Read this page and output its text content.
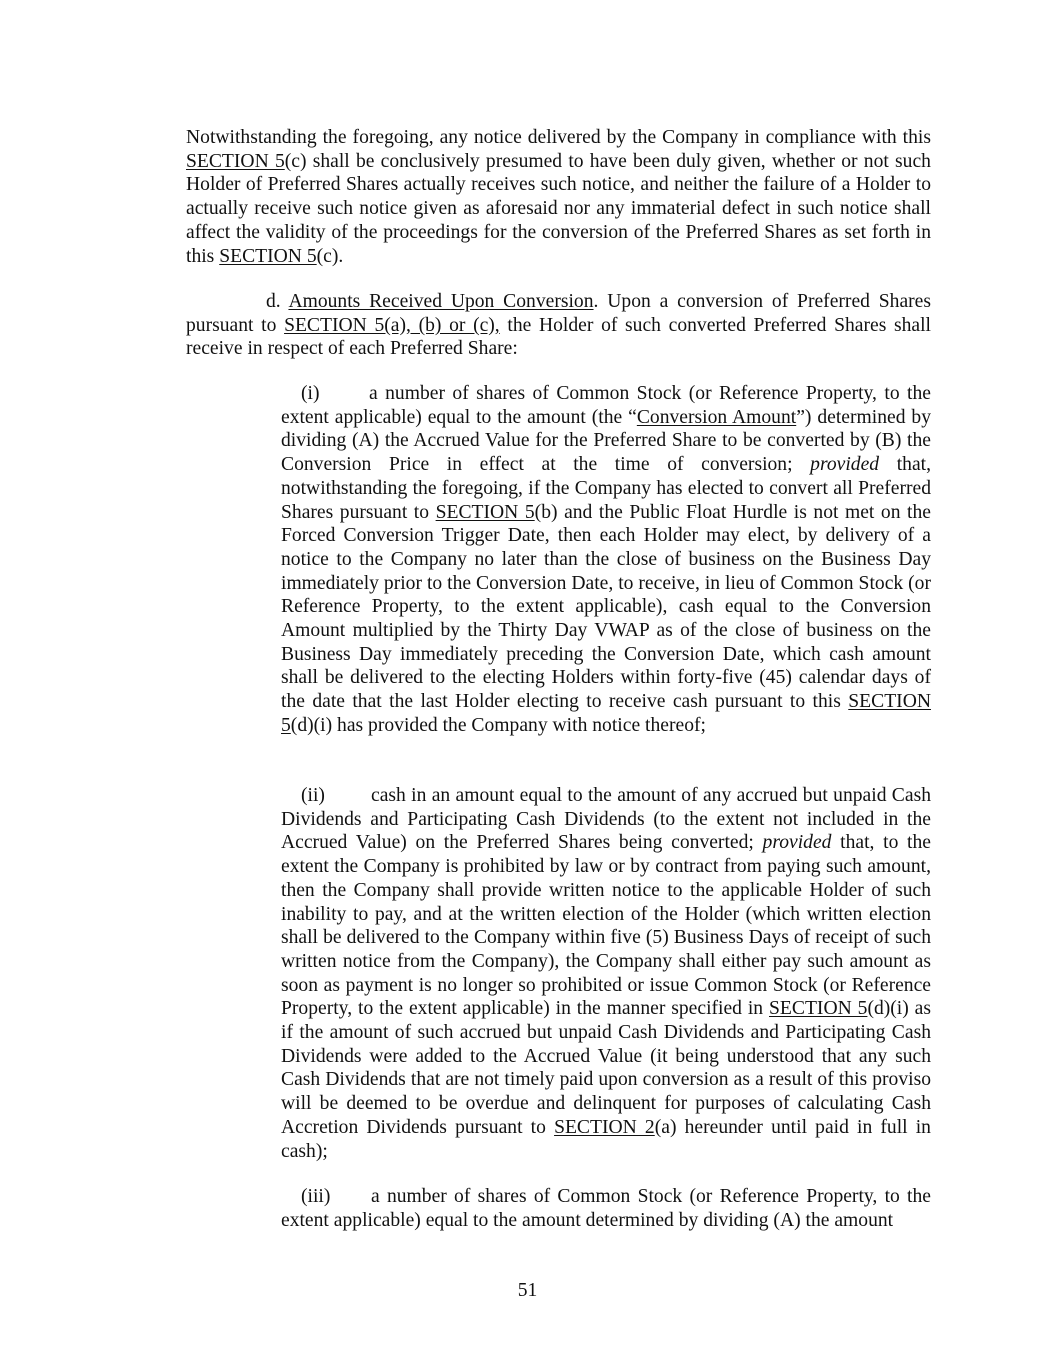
Notwithstanding the foregoing, any notice delivered by the Company in compliance with this SECTION 5(c) shall be conclusively presumed to have been duly given, whether or not such Holder of Preferred Shares actually receives such notice, and neither the failure of a Holder to actually receive such notice given as aforesaid nor any immaterial defect in such notice shall affect the validity of the proceedings for the conversion of the Preferred Shares as set forth in this SECTION 5(c).

d. Amounts Received Upon Conversion. Upon a conversion of Preferred Shares pursuant to SECTION 5(a), (b) or (c), the Holder of such converted Preferred Shares shall receive in respect of each Preferred Share:

(i)	a number of shares of Common Stock (or Reference Property, to the extent applicable) equal to the amount (the “Conversion Amount”) determined by dividing (A) the Accrued Value for the Preferred Share to be converted by (B) the Conversion Price in effect at the time of conversion; provided that, notwithstanding the foregoing, if the Company has elected to convert all Preferred Shares pursuant to SECTION 5(b) and the Public Float Hurdle is not met on the Forced Conversion Trigger Date, then each Holder may elect, by delivery of a notice to the Company no later than the close of business on the Business Day immediately prior to the Conversion Date, to receive, in lieu of Common Stock (or Reference Property, to the extent applicable), cash equal to the Conversion Amount multiplied by the Thirty Day VWAP as of the close of business on the Business Day immediately preceding the Conversion Date, which cash amount shall be delivered to the electing Holders within forty-five (45) calendar days of the date that the last Holder electing to receive cash pursuant to this SECTION 5(d)(i) has provided the Company with notice thereof;

(ii) cash in an amount equal to the amount of any accrued but unpaid Cash Dividends and Participating Cash Dividends (to the extent not included in the Accrued Value) on the Preferred Shares being converted; provided that, to the extent the Company is prohibited by law or by contract from paying such amount, then the Company shall provide written notice to the applicable Holder of such inability to pay, and at the written election of the Holder (which written election shall be delivered to the Company within five (5) Business Days of receipt of such written notice from the Company), the Company shall either pay such amount as soon as payment is no longer so prohibited or issue Common Stock (or Reference Property, to the extent applicable) in the manner specified in SECTION 5(d)(i) as if the amount of such accrued but unpaid Cash Dividends and Participating Cash Dividends were added to the Accrued Value (it being understood that any such Cash Dividends that are not timely paid upon conversion as a result of this proviso will be deemed to be overdue and delinquent for purposes of calculating Cash Accretion Dividends pursuant to SECTION 2(a) hereunder until paid in full in cash);

(iii) a number of shares of Common Stock (or Reference Property, to the extent applicable) equal to the amount determined by dividing (A) the amount

51
